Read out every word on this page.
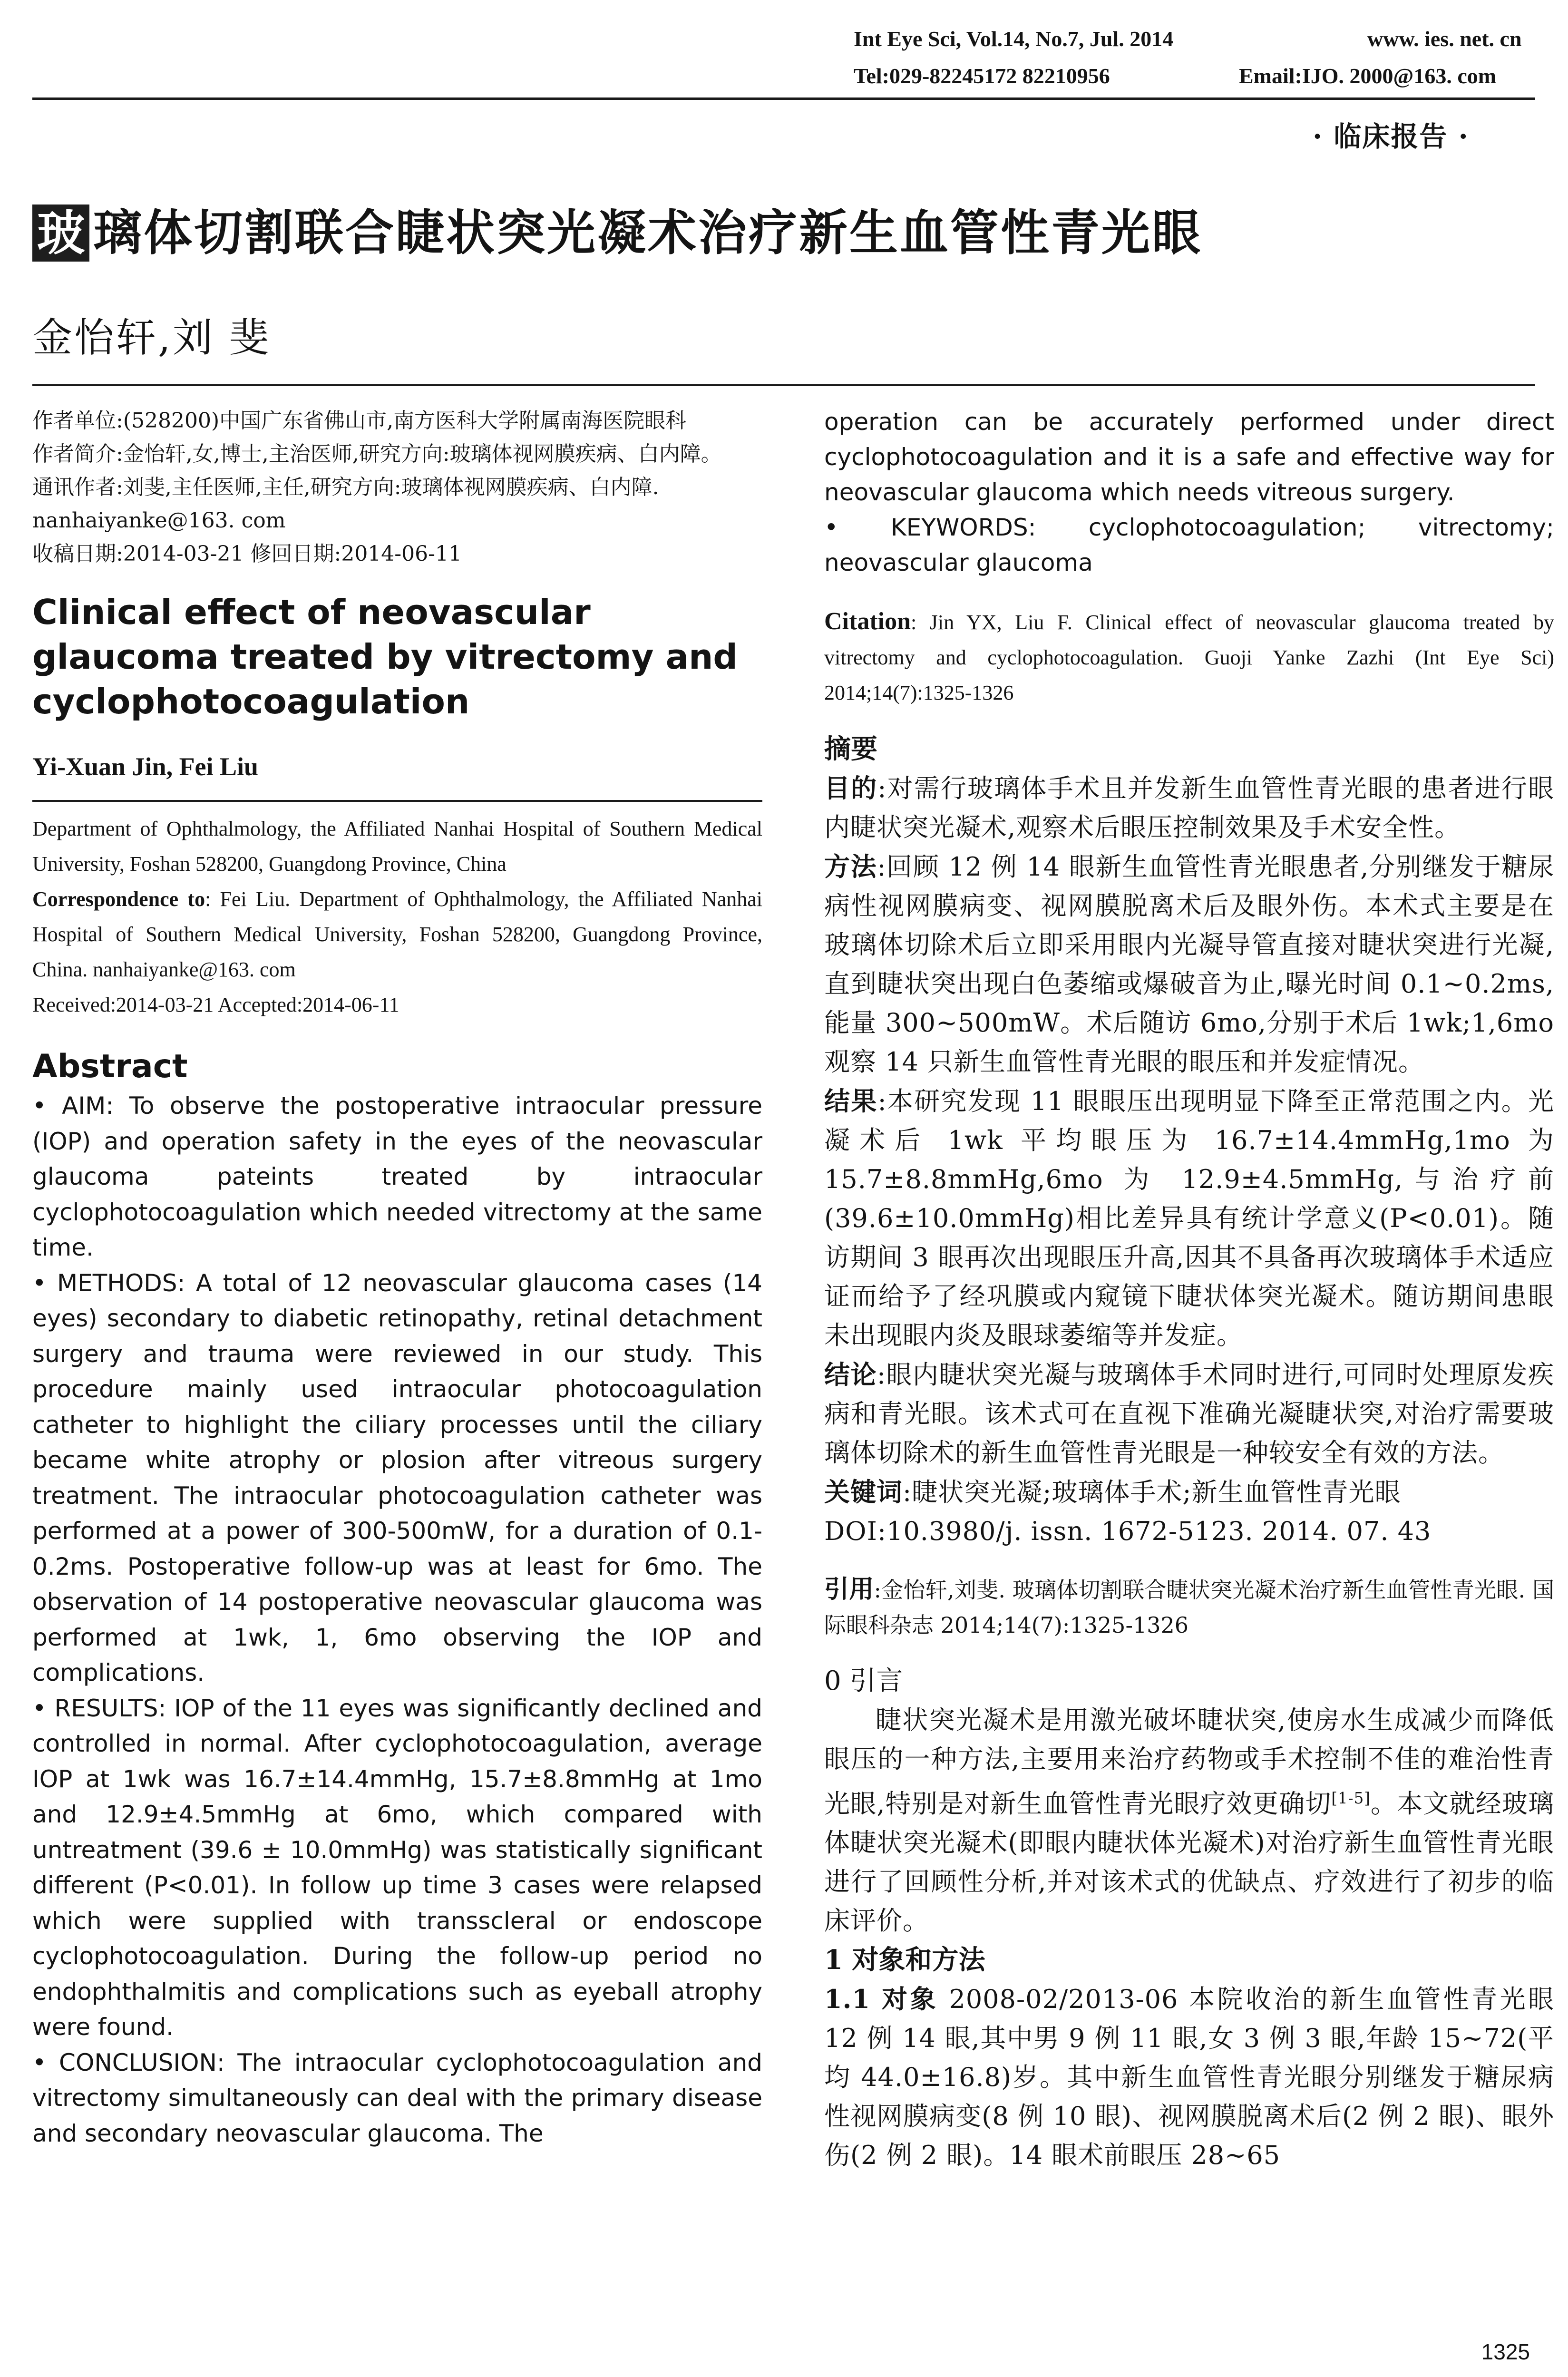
Int Eye Sci, Vol.14, No.7, Jul. 2014	www. ies. net. cn
Tel:029-82245172 82210956	Email:IJO. 2000@163. com
· 临床报告 ·
玻 璃体切割联合睫状突光凝术治疗新生血管性青光眼
金怡轩,刘 斐

作者单位:(528200)中国广东省佛山市,南方医科大学附属南海医院眼科

作者简介:金怡轩,女,博士,主治医师,研究方向:玻璃体视网膜疾病、白内障。

通讯作者:刘斐,主任医师,主任,研究方向:玻璃体视网膜疾病、白内障. nanhaiyanke@163. com

收稿日期:2014-03-21 修回日期:2014-06-11

Clinical effect of neovascular glaucoma treated by vitrectomy and cyclophotocoagulation
Yi-Xuan Jin, Fei Liu

Department of Ophthalmology, the Affiliated Nanhai Hospital of Southern Medical University, Foshan 528200, Guangdong Province, China

Correspondence to: Fei Liu. Department of Ophthalmology, the Affiliated Nanhai Hospital of Southern Medical University, Foshan 528200, Guangdong Province, China. nanhaiyanke@163. com

Received:2014-03-21 Accepted:2014-06-11

Abstract

• AIM: To observe the postoperative intraocular pressure (IOP) and operation safety in the eyes of the neovascular glaucoma pateints treated by intraocular cyclophotocoagulation which needed vitrectomy at the same time.

• METHODS: A total of 12 neovascular glaucoma cases (14 eyes) secondary to diabetic retinopathy, retinal detachment surgery and trauma were reviewed in our study. This procedure mainly used intraocular photocoagulation catheter to highlight the ciliary processes until the ciliary became white atrophy or plosion after vitreous surgery treatment. The intraocular photocoagulation catheter was performed at a power of 300-500mW, for a duration of 0.1-0.2ms. Postoperative follow-up was at least for 6mo. The observation of 14 postoperative neovascular glaucoma was performed at 1wk, 1, 6mo observing the IOP and complications.

• RESULTS: IOP of the 11 eyes was significantly declined and controlled in normal. After cyclophotocoagulation, average IOP at 1wk was 16.7±14.4mmHg, 15.7±8.8mmHg at 1mo and 12.9±4.5mmHg at 6mo, which compared with untreatment (39.6 ± 10.0mmHg) was statistically significant different (P<0.01). In follow up time 3 cases were relapsed which were supplied with transscleral or endoscope cyclophotocoagulation. During the follow-up period no endophthalmitis and complications such as eyeball atrophy were found.

• CONCLUSION: The intraocular cyclophotocoagulation and vitrectomy simultaneously can deal with the primary disease and secondary neovascular glaucoma. The

operation can be accurately performed under direct cyclophotocoagulation and it is a safe and effective way for neovascular glaucoma which needs vitreous surgery.

• KEYWORDS: cyclophotocoagulation; vitrectomy; neovascular glaucoma

Citation: Jin YX, Liu F. Clinical effect of neovascular glaucoma treated by vitrectomy and cyclophotocoagulation. Guoji Yanke Zazhi (Int Eye Sci) 2014;14(7):1325-1326

摘要

目的:对需行玻璃体手术且并发新生血管性青光眼的患者进行眼内睫状突光凝术,观察术后眼压控制效果及手术安全性。

方法:回顾 12 例 14 眼新生血管性青光眼患者,分别继发于糖尿病性视网膜病变、视网膜脱离术后及眼外伤。本术式主要是在玻璃体切除术后立即采用眼内光凝导管直接对睫状突进行光凝,直到睫状突出现白色萎缩或爆破音为止,曝光时间 0.1~0.2ms,能量 300~500mW。术后随访 6mo,分别于术后 1wk;1,6mo 观察 14 只新生血管性青光眼的眼压和并发症情况。

结果:本研究发现 11 眼眼压出现明显下降至正常范围之内。光凝术后 1wk 平均眼压为 16.7±14.4mmHg,1mo 为 15.7±8.8mmHg,6mo 为 12.9±4.5mmHg,与治疗前(39.6±10.0mmHg)相比差异具有统计学意义(P<0.01)。随访期间 3 眼再次出现眼压升高,因其不具备再次玻璃体手术适应证而给予了经巩膜或内窥镜下睫状体突光凝术。随访期间患眼未出现眼内炎及眼球萎缩等并发症。

结论:眼内睫状突光凝与玻璃体手术同时进行,可同时处理原发疾病和青光眼。该术式可在直视下准确光凝睫状突,对治疗需要玻璃体切除术的新生血管性青光眼是一种较安全有效的方法。

关键词:睫状突光凝;玻璃体手术;新生血管性青光眼

DOI:10.3980/j. issn. 1672-5123. 2014. 07. 43

引用:金怡轩,刘斐. 玻璃体切割联合睫状突光凝术治疗新生血管性青光眼. 国际眼科杂志 2014;14(7):1325-1326

0 引言

睫状突光凝术是用激光破坏睫状突,使房水生成减少而降低眼压的一种方法,主要用来治疗药物或手术控制不佳的难治性青光眼,特别是对新生血管性青光眼疗效更确切[1-5]。本文就经玻璃体睫状突光凝术(即眼内睫状体光凝术)对治疗新生血管性青光眼进行了回顾性分析,并对该术式的优缺点、疗效进行了初步的临床评价。

1 对象和方法

1.1 对象 2008-02/2013-06 本院收治的新生血管性青光眼 12 例 14 眼,其中男 9 例 11 眼,女 3 例 3 眼,年龄 15~72(平均 44.0±16.8)岁。其中新生血管性青光眼分别继发于糖尿病性视网膜病变(8 例 10 眼)、视网膜脱离术后(2 例 2 眼)、眼外伤(2 例 2 眼)。14 眼术前眼压 28~65

1325
